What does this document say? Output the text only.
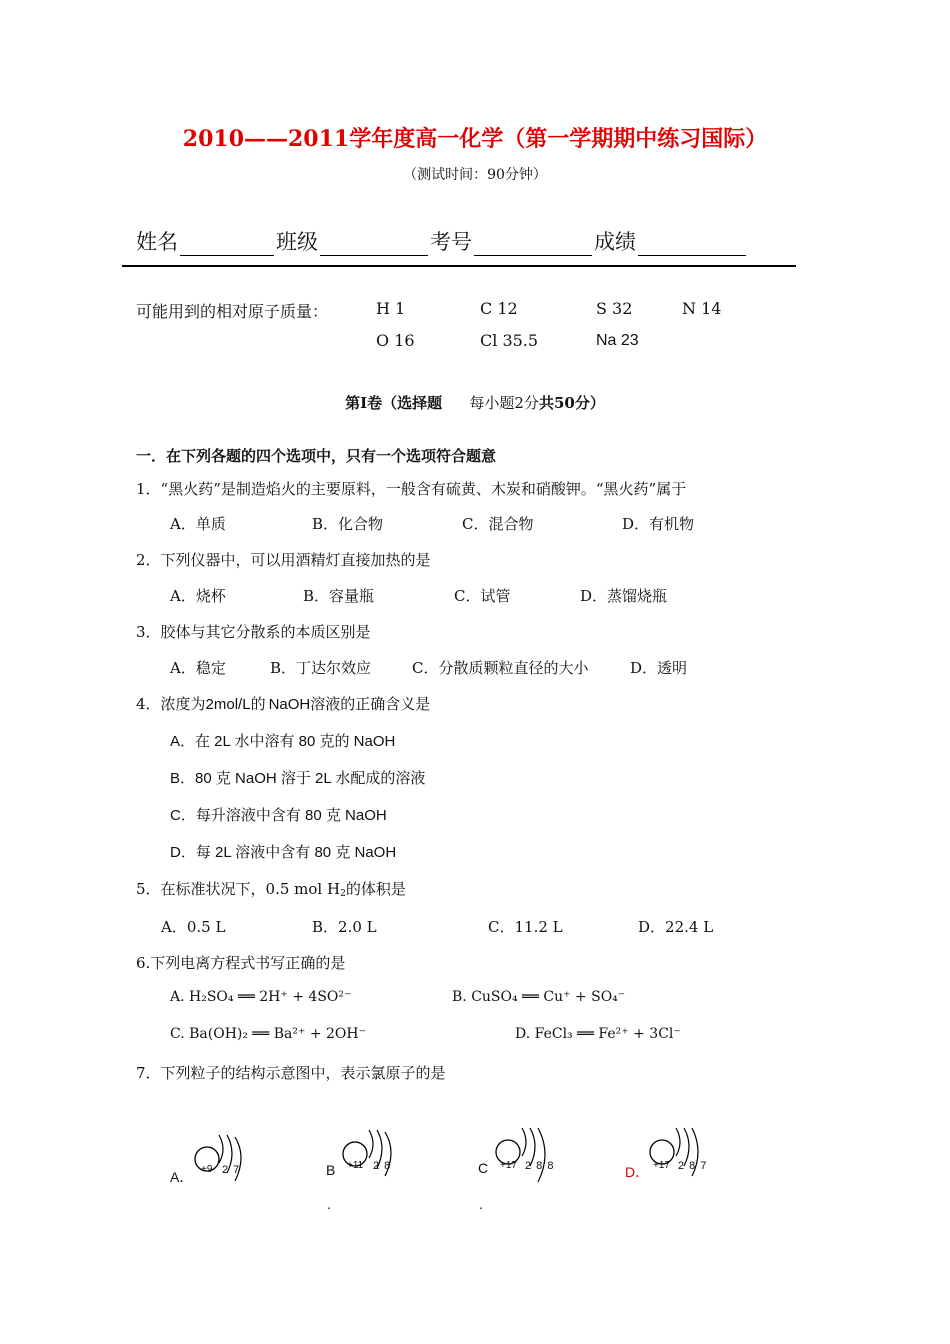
2010——2011学年度高一化学（第一学期期中练习国际）
（测试时间：90分钟）
姓名	班级	考号	成绩
可能用到的相对原子质量：	H 1	C 12	S 32	N 14
O 16	Cl 35.5	Na 23
第Ⅰ卷（选择题 每小题2分共50分）
一．在下列各题的四个选项中，只有一个选项符合题意
1．“黑火药”是制造焰火的主要原料，一般含有硫黄、木炭和硝酸钾。“黑火药”属于
A．单质	B．化合物	C．混合物	D．有机物
2．下列仪器中，可以用酒精灯直接加热的是
A．烧杯	B．容量瓶	C．试管	D．蒸馏烧瓶
3．胶体与其它分散系的本质区别是
A．稳定	B．丁达尔效应	C．分散质颗粒直径的大小	D．透明
4．浓度为2mol/L的 NaOH溶液的正确含义是
A．在 2L 水中溶有 80 克的 NaOH
B．80 克 NaOH 溶于 2L 水配成的溶液
C．每升溶液中含有 80 克 NaOH
D．每 2L 溶液中含有 80 克 NaOH
5．在标准状况下，0.5 mol $H_2$的体积是
A．0.5 L	B．2.0 L	C．11.2 L	D．22.4 L
6.下列电离方程式书写正确的是
A. H₂SO₄ ══ 2H⁺ + 4SO²⁻	B. CuSO₄ ══ Cu⁺ + SO₄⁻
C. Ba(OH)₂ ══ Ba²⁺ + 2OH⁻	D. FeCl₃ ══ Fe²⁺ + 3Cl⁻
7．下列粒子的结构示意图中，表示氯原子的是
A． +9 2 7	B
.
+11 2 8	C
.
+17 2 8 8	D． +17 2 8 7
